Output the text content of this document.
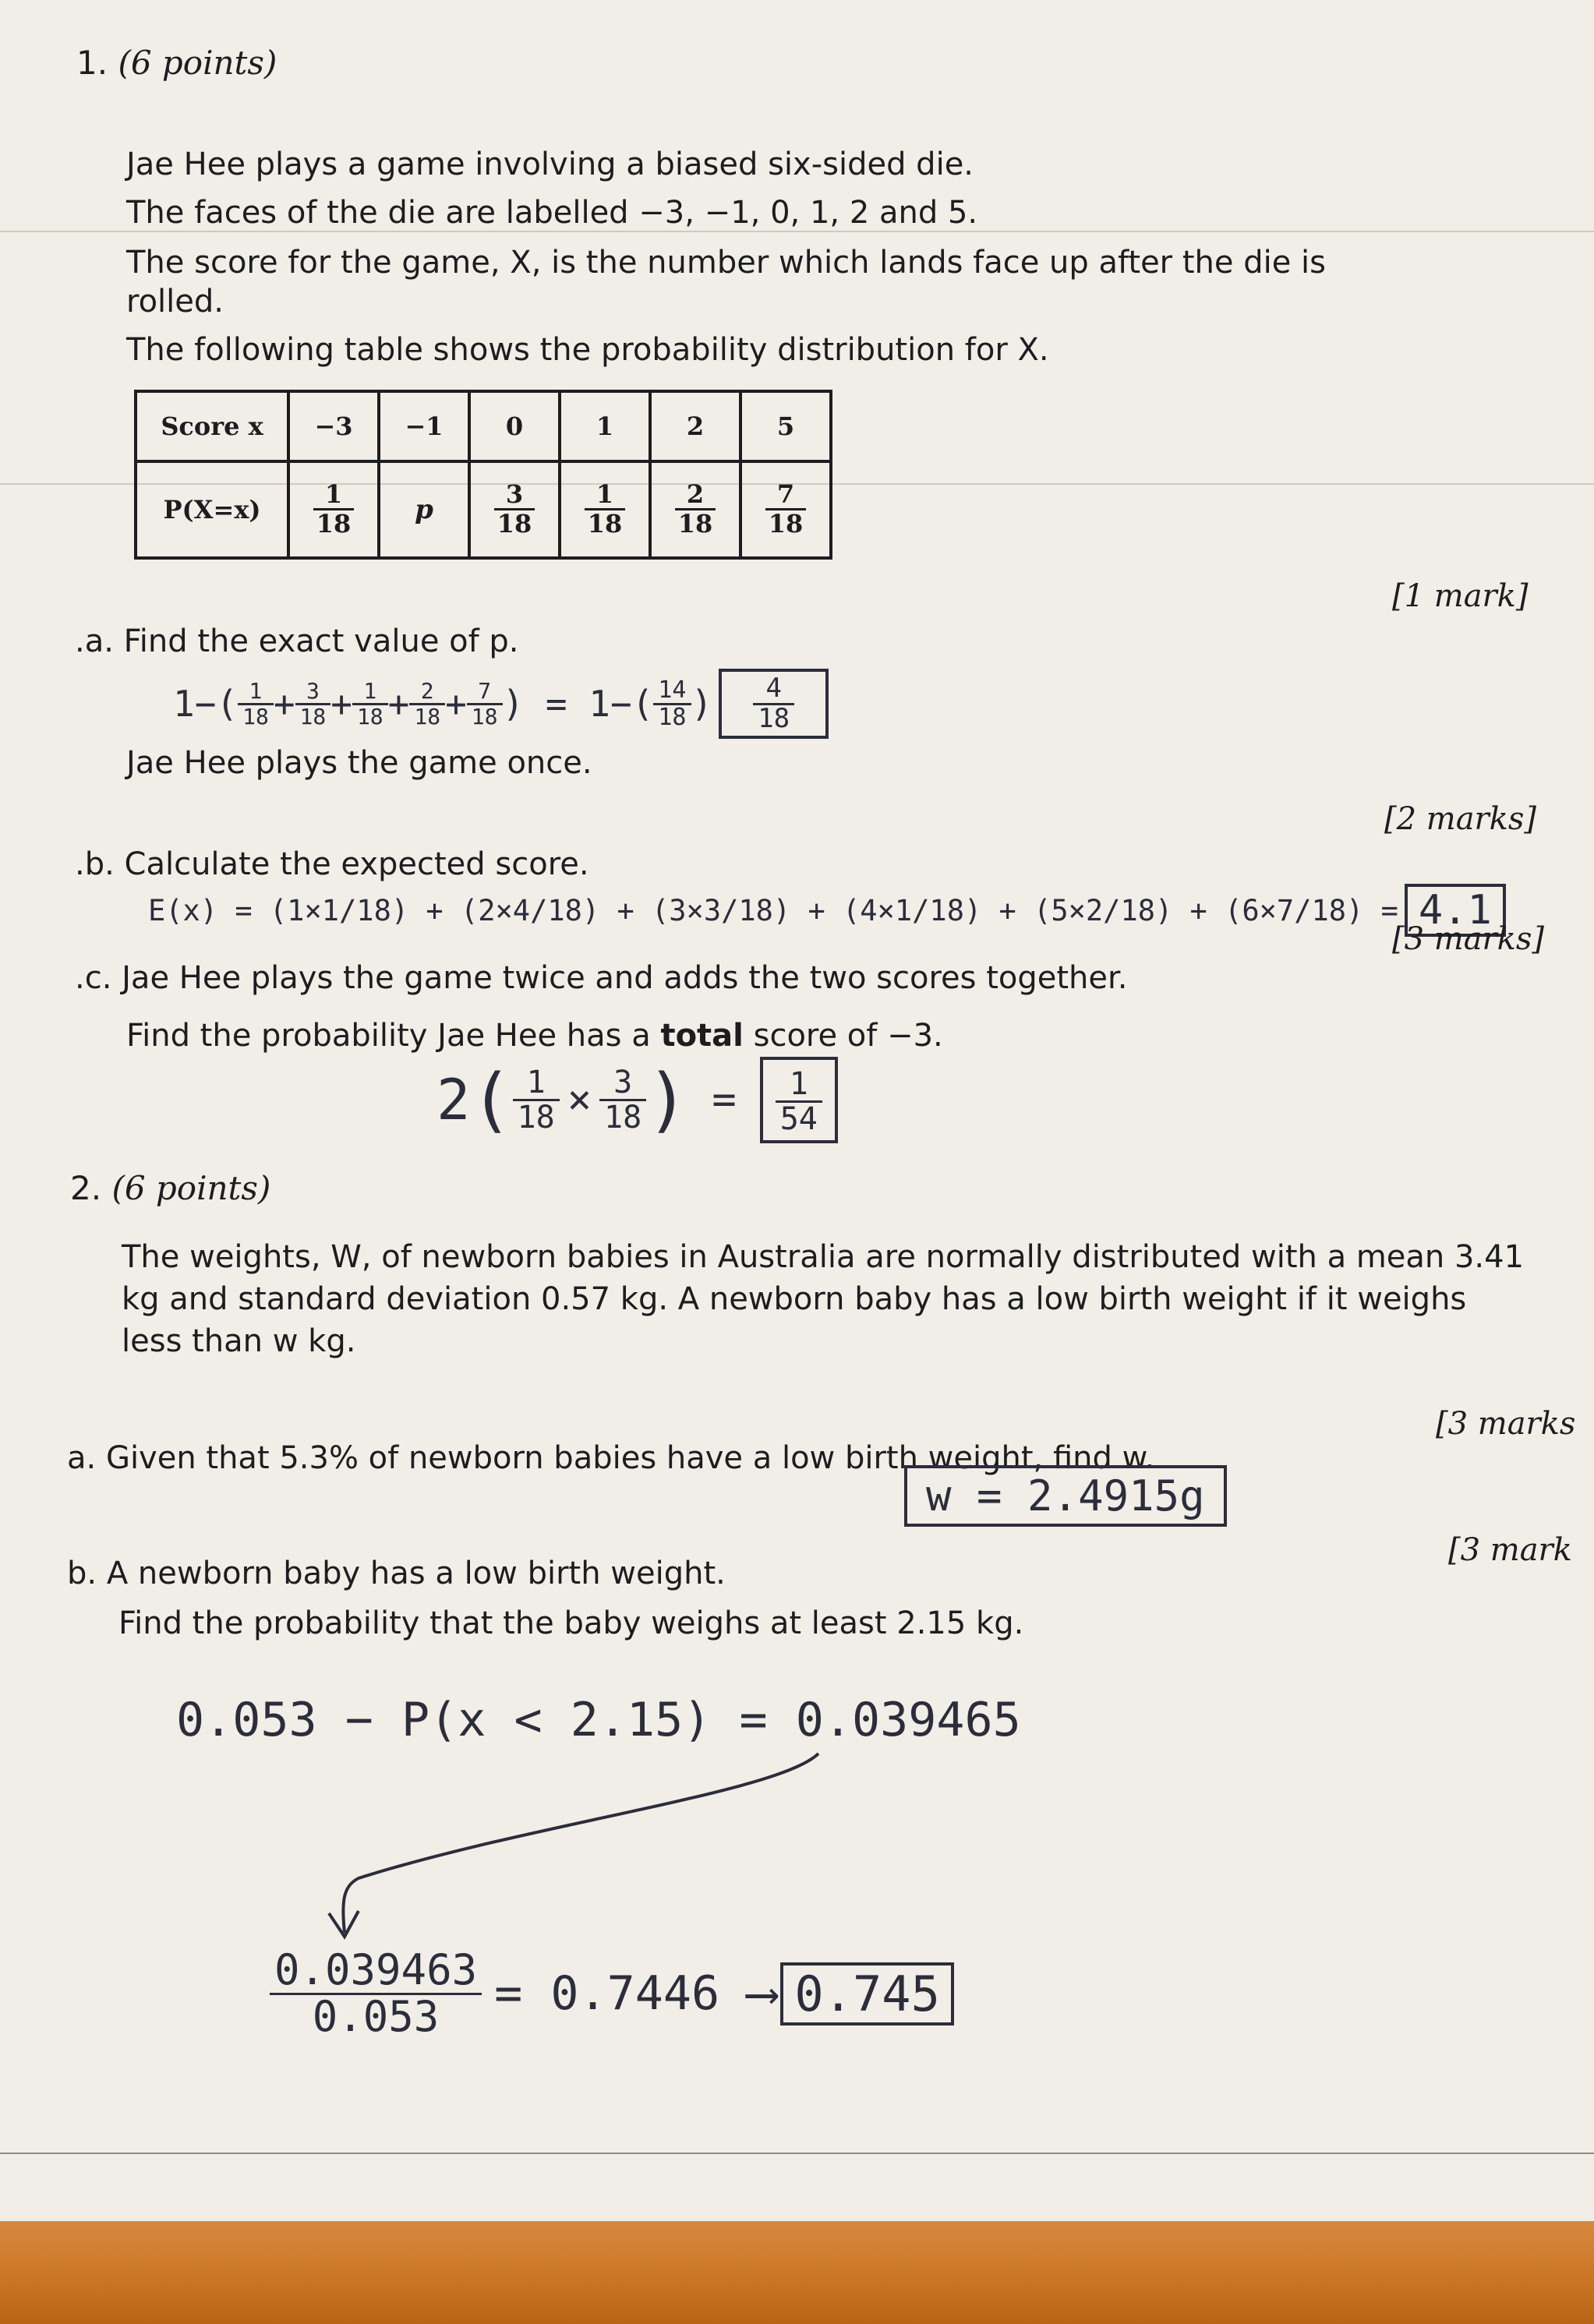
1. (6 points)
Jae Hee plays a game involving a biased six-sided die.
The faces of the die are labelled −3, −1, 0, 1, 2 and 5.
The score for the game, X, is the number which lands face up after the die is rolled.
The following table shows the probability distribution for X.
Score x	−3	−1	0	1	2	5
P(X=x)	$\frac{1}{18}$	p	$\frac{3}{18}$	$\frac{1}{18}$	$\frac{2}{18}$	$\frac{7}{18}$
[1 mark]
.a. Find the exact value of p.
1−( 1
18 + 3
18 + 1
18 + 2
18 + 7
18 ) = 1−( 14
18 ) $\frac{4}{18}$
Jae Hee plays the game once.
[2 marks]
.b. Calculate the expected score.
E(x) = (1×1/18) + (2×4/18) + (3×3/18) + (4×1/18) + (5×2/18) + (6×7/18) = 4.1
[3 marks]
.c. Jae Hee plays the game twice and adds the two scores together.
Find the probability Jae Hee has a total score of −3.
2 ( $\frac{1}{18} \times \frac{3}{18}$ ) = $\frac{1}{54}$
2. (6 points)
The weights, W, of newborn babies in Australia are normally distributed with a mean 3.41 kg and standard deviation 0.57 kg. A newborn baby has a low birth weight if it weighs less than w kg.
[3 marks
a. Given that 5.3% of newborn babies have a low birth weight, find w.
w = 2.4915g
[3 mark
b. A newborn baby has a low birth weight.
Find the probability that the baby weighs at least 2.15 kg.
0.053 − P(x < 2.15) = 0.039465
$\frac{0.039463}{0.053} = 0.7446$ ⟶ 0.745
